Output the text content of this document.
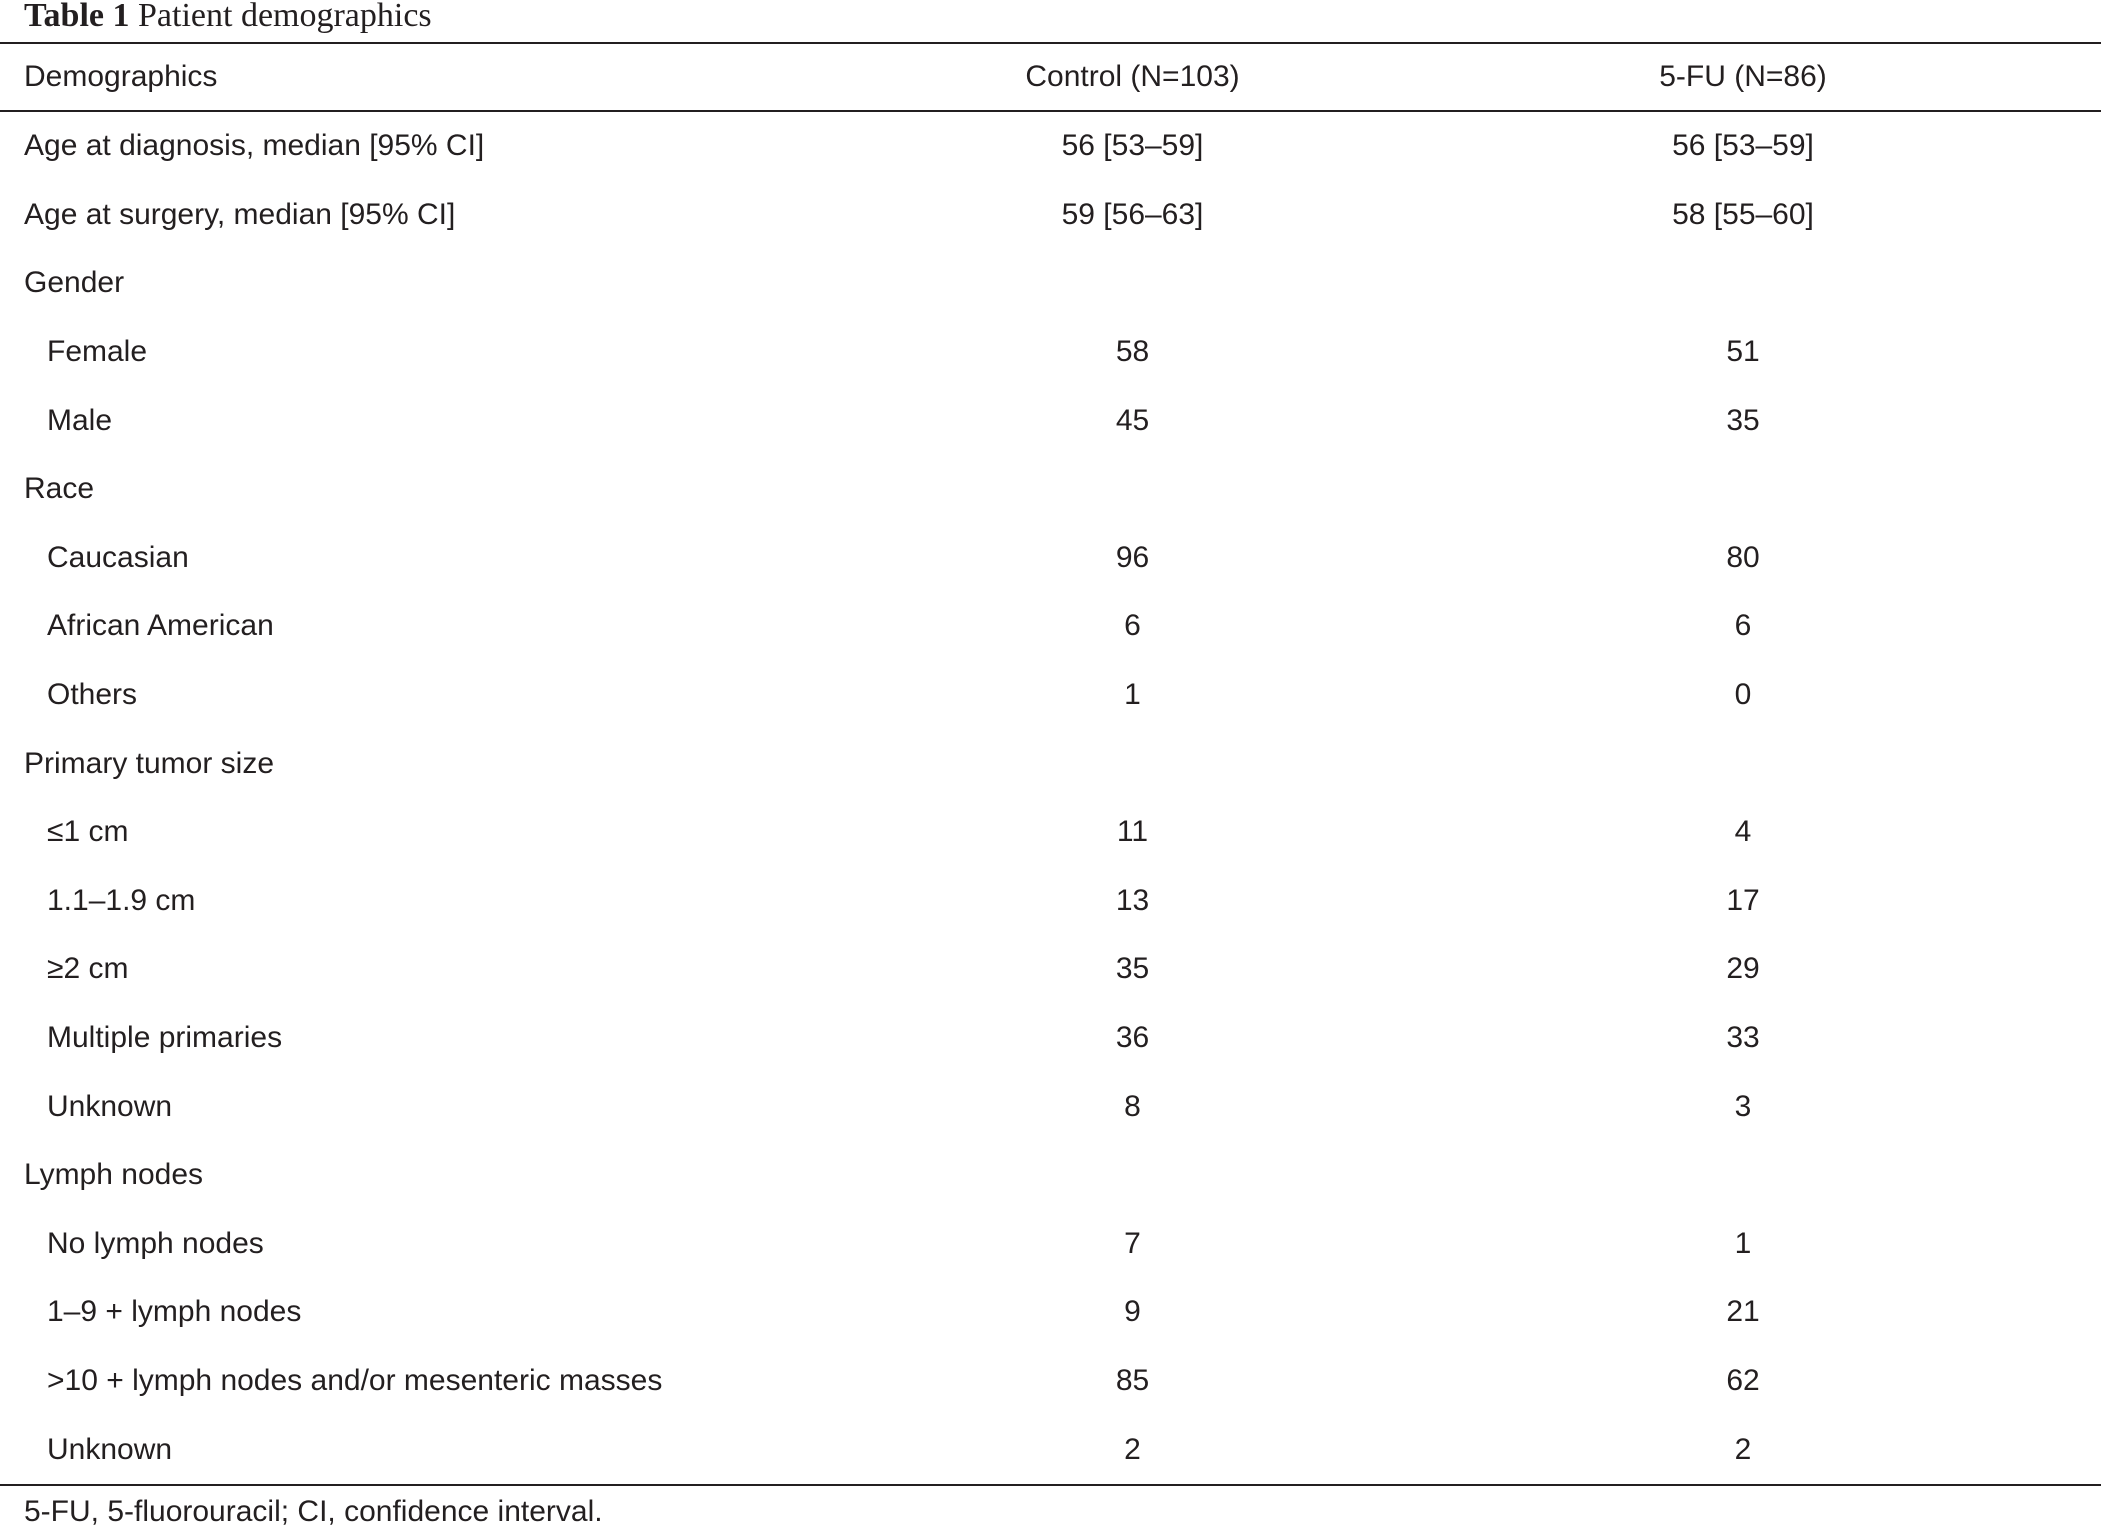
Table 1 Patient demographics
Demographics	Control (N=103)	5-FU (N=86)
Age at diagnosis, median [95% CI]	56 [53–59]	56 [53–59]
Age at surgery, median [95% CI]	59 [56–63]	58 [55–60]
Gender		
Female	58	51
Male	45	35
Race		
Caucasian	96	80
African American	6	6
Others	1	0
Primary tumor size		
≤1 cm	11	4
1.1–1.9 cm	13	17
≥2 cm	35	29
Multiple primaries	36	33
Unknown	8	3
Lymph nodes		
No lymph nodes	7	1
1–9 + lymph nodes	9	21
>10 + lymph nodes and/or mesenteric masses	85	62
Unknown	2	2
5-FU, 5-fluorouracil; CI, confidence interval.
